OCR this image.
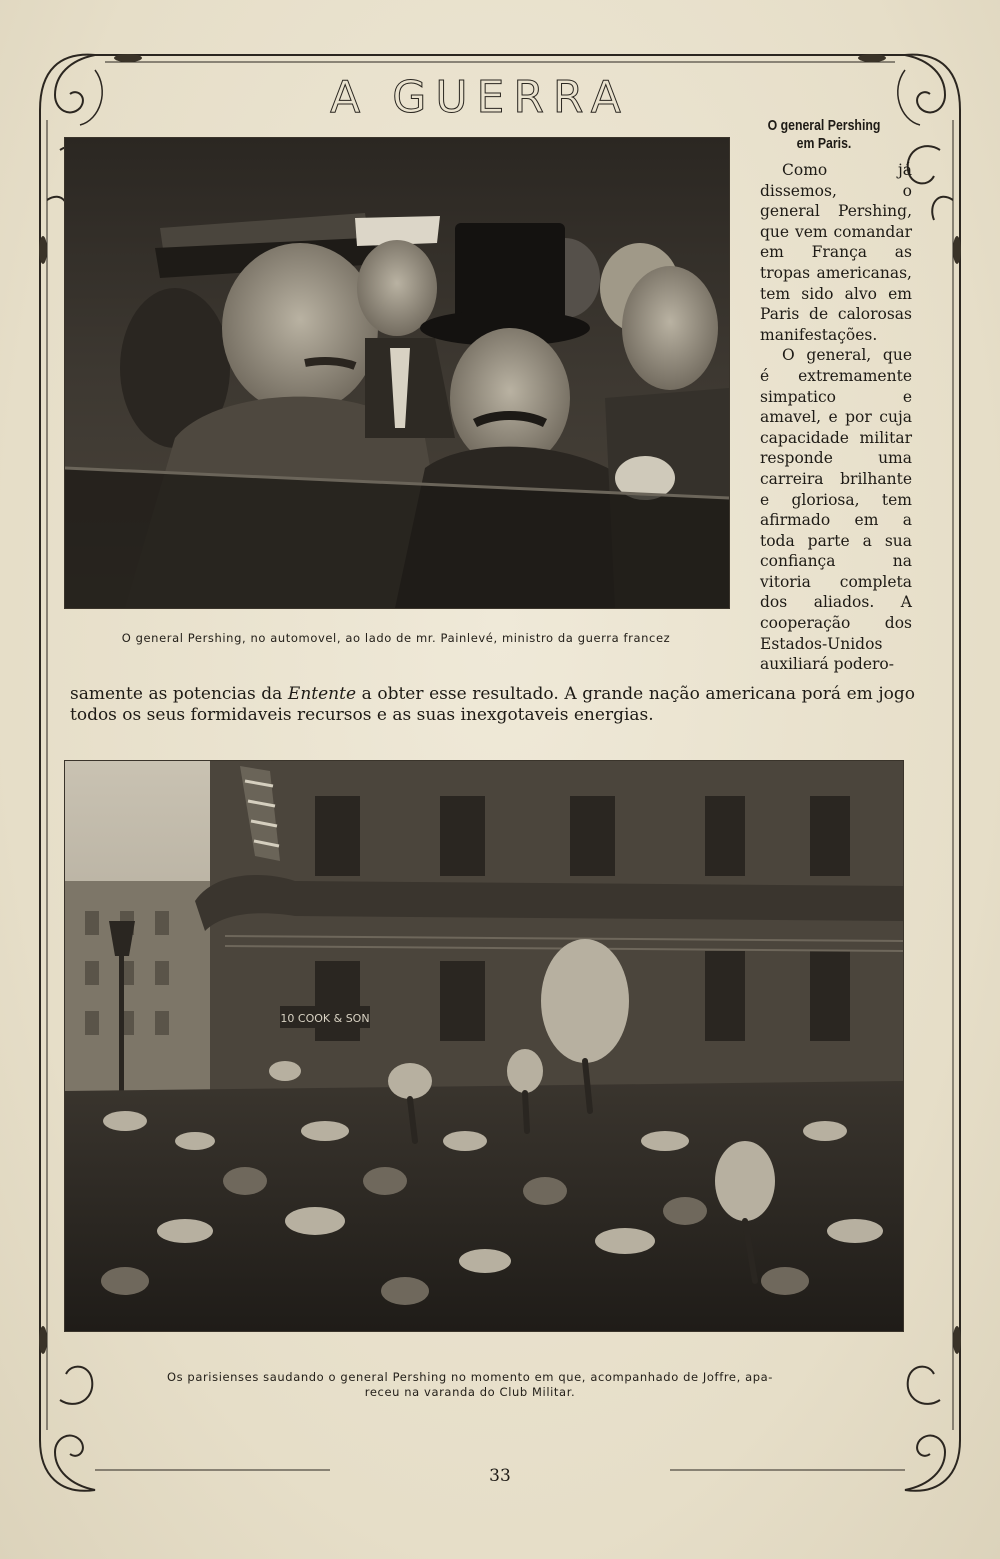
A GUERRA
O general Pershing, no automovel, ao lado de mr. Painlevé, ministro da guerra francez
O general Pershing em Paris.

Como já dissemos, o general Pershing, que vem comandar em França as tropas americanas, tem sido alvo em Paris de calorosas manifestações.

O general, que é extremamente simpatico e amavel, e por cuja capacidade militar responde uma carreira brilhante e gloriosa, tem afirmado em a toda parte a sua confiança na vitoria completa dos aliados. A cooperação dos Estados-Unidos auxiliará podero-

samente as potencias da Entente a obter esse resultado. A grande nação americana porá em jogo todos os seus formidaveis recursos e as suas inexgotaveis energias.
10 COOK & SON
Os parisienses saudando o general Pershing no momento em que, acompanhado de Joffre, apa-
receu na varanda do Club Militar.
33
